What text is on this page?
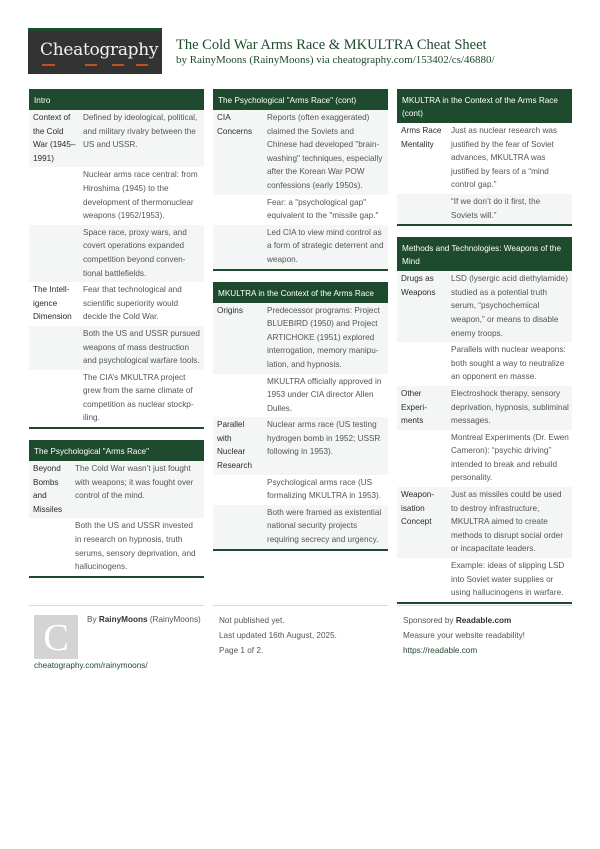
Cheatography The Cold War Arms Race & MKULTRA Cheat Sheet
by RainyMoons (RainyMoons) via cheatography.com/153402/cs/46880/
Intro
Context of the Cold War (1945–1991)
Defined by ideological, political, and military rivalry between the US and USSR.
Nuclear arms race central: from Hiroshima (1945) to the development of thermonuclear weapons (1952/1953).
Space race, proxy wars, and covert operations expanded competition beyond conventional battlefields.
The Intelligence Dimension
Fear that technological and scientific superiority would decide the Cold War.
Both the US and USSR pursued weapons of mass destruction and psychological warfare tools.
The CIA’s MKULTRA project grew from the same climate of competition as nuclear stockpiling.
The Psychological "Arms Race"
Beyond Bombs and Missiles
The Cold War wasn’t just fought with weapons; it was fought over control of the mind.
Both the US and USSR invested in research on hypnosis, truth serums, sensory deprivation, and hallucinogens.
The Psychological "Arms Race" (cont)
CIA Concerns
Reports (often exaggerated) claimed the Soviets and Chinese had developed "brainwashing" techniques, especially after the Korean War POW confessions (early 1950s).
Fear: a "psychological gap" equivalent to the "missile gap."
Led CIA to view mind control as a form of strategic deterrent and weapon.
MKULTRA in the Context of the Arms Race
Origins	Predecessor programs: Project BLUEBIRD (1950) and Project ARTICHOKE (1951) explored interrogation, memory manipulation, and hypnosis.
MKULTRA officially approved in 1953 under CIA director Allen Dulles.
Parallel with Nuclear Research
Nuclear arms race (US testing hydrogen bomb in 1952; USSR following in 1953).
Psychological arms race (US formalizing MKULTRA in 1953).
Both were framed as existential national security projects requiring secrecy and urgency.
MKULTRA in the Context of the Arms Race (cont)
Arms Race Mentality
Just as nuclear research was justified by the fear of Soviet advances, MKULTRA was justified by fears of a “mind control gap.”
“If we don’t do it first, the Soviets will.”
Methods and Technologies: Weapons of the Mind
Drugs as Weapons
LSD (lysergic acid diethylamide) studied as a potential truth serum, “psychochemical weapon,” or means to disable enemy troops.
Parallels with nuclear weapons: both sought a way to neutralize an opponent en masse.
Other Experiments
Electroshock therapy, sensory deprivation, hypnosis, subliminal messages.
Montreal Experiments (Dr. Ewen Cameron): “psychic driving” intended to break and rebuild personality.
Weaponisation Concept
Just as missiles could be used to destroy infrastructure, MKULTRA aimed to create methods to disrupt social order or incapacitate leaders.
Example: ideas of slipping LSD into Soviet water supplies or using hallucinogens in warfare.
C	By RainyMoons (RainyMoons)
cheatography.com/rainymoons/
Not published yet.
Last updated 16th August, 2025.
Page 1 of 2.
Sponsored by Readable.com
Measure your website readability!
https://readable.com
